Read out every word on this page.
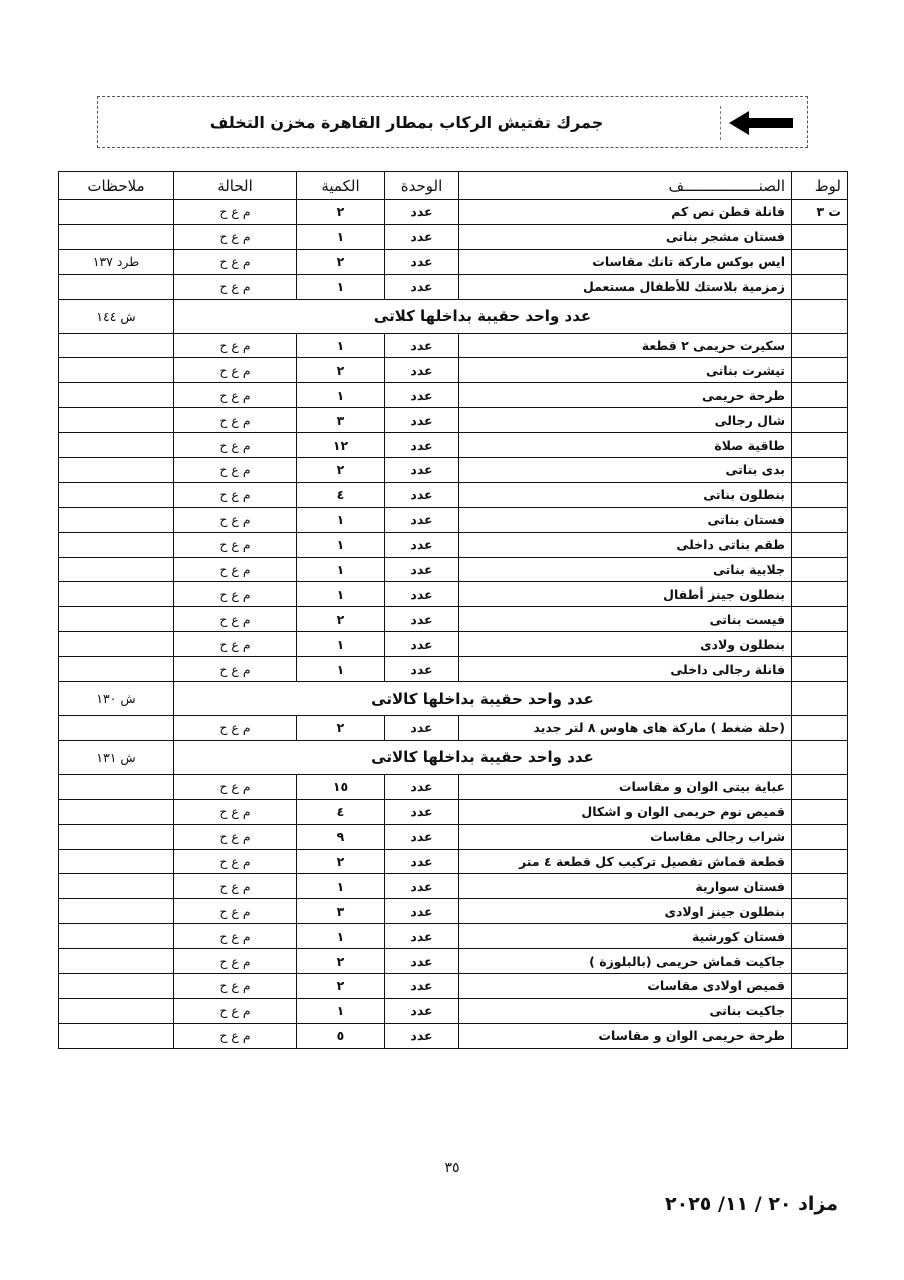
جمرك تفتيش الركاب بمطار القاهرة مخزن التخلف
لوط	الصنـــــــــــــــــف	الوحدة	الكمية	الحالة	ملاحظات
ت ٣	فانلة قطن نص كم	عدد	٢	م ع ح	
	فستان مشجر بناتى	عدد	١	م ع ح	
	ايس بوكس ماركة تانك مقاسات	عدد	٢	م ع ح	طرد ١٣٧
	زمزمية بلاستك للأطفال مستعمل	عدد	١	م ع ح	
	عدد واحد حقيبة بداخلها كلاتى				ش ١٤٤
	سكيرت حريمى ٢ قطعة	عدد	١	م ع ح	
	تيشرت بناتى	عدد	٢	م ع ح	
	طرحة حريمى	عدد	١	م ع ح	
	شال رجالى	عدد	٣	م ع ح	
	طاقية صلاة	عدد	١٢	م ع ح	
	بدى بناتى	عدد	٢	م ع ح	
	بنطلون بناتى	عدد	٤	م ع ح	
	فستان بناتى	عدد	١	م ع ح	
	طقم بناتى داخلى	عدد	١	م ع ح	
	جلابية بناتى	عدد	١	م ع ح	
	بنطلون جينز أطفال	عدد	١	م ع ح	
	فيست بناتى	عدد	٢	م ع ح	
	بنطلون ولادى	عدد	١	م ع ح	
	فانلة رجالى داخلى	عدد	١	م ع ح	
	عدد واحد حقيبة بداخلها كالاتى				ش ١٣٠
	(حلة ضغط ) ماركة هاى هاوس ٨ لتر جديد	عدد	٢	م ع ح	
	عدد واحد حقيبة بداخلها كالاتى				ش ١٣١
	عباية بيتى الوان و مقاسات	عدد	١٥	م ع ح	
	قميص نوم حريمى الوان و اشكال	عدد	٤	م ع ح	
	شراب رجالى مقاسات	عدد	٩	م ع ح	
	قطعة قماش تفصيل تركيب كل قطعة ٤ متر	عدد	٢	م ع ح	
	فستان سوارية	عدد	١	م ع ح	
	بنطلون جينز اولادى	عدد	٣	م ع ح	
	فستان كورشية	عدد	١	م ع ح	
	جاكيت قماش حريمى (بالبلوزة )	عدد	٢	م ع ح	
	قميص اولادى مقاسات	عدد	٢	م ع ح	
	جاكيت بناتى	عدد	١	م ع ح	
	طرحة حريمى الوان و مقاسات	عدد	٥	م ع ح	
٣٥
مزاد ٢٠ / ١١/ ٢٠٢٥
